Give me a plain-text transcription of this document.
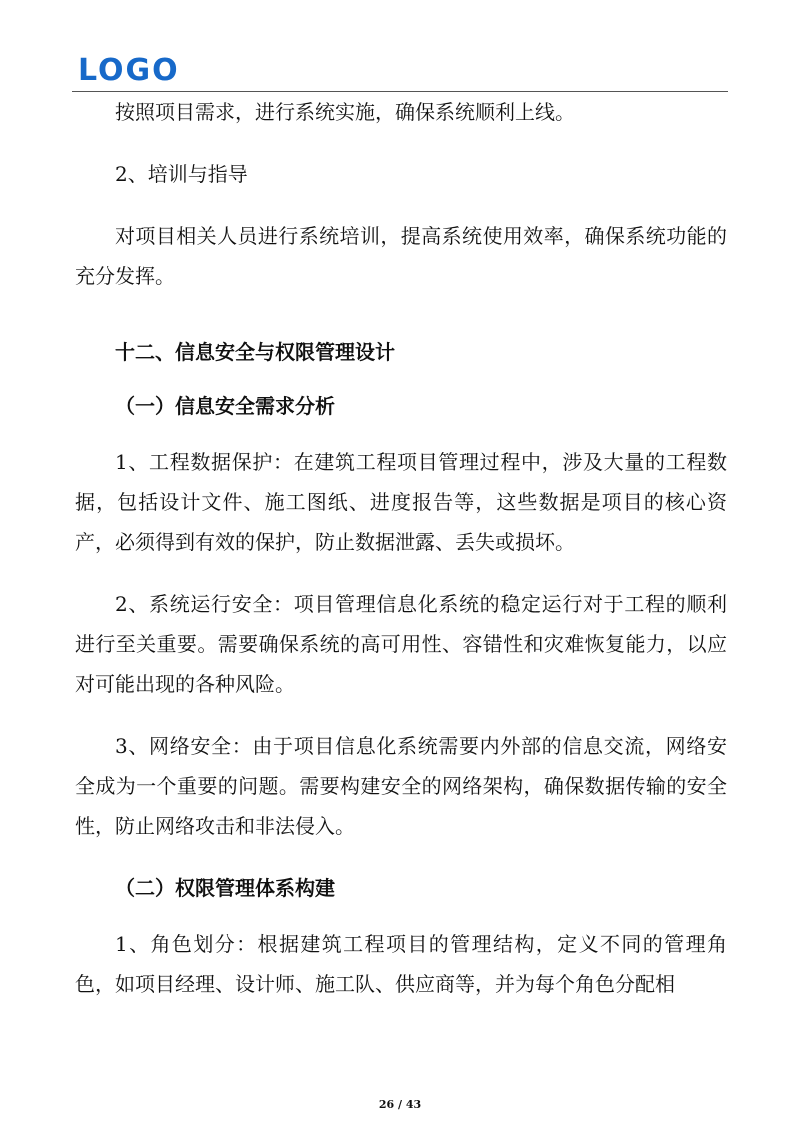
LOGO

按照项目需求，进行系统实施，确保系统顺利上线。

2、培训与指导

对项目相关人员进行系统培训，提高系统使用效率，确保系统功能的充分发挥。

十二、信息安全与权限管理设计

（一）信息安全需求分析

1、工程数据保护：在建筑工程项目管理过程中，涉及大量的工程数据，包括设计文件、施工图纸、进度报告等，这些数据是项目的核心资产，必须得到有效的保护，防止数据泄露、丢失或损坏。

2、系统运行安全：项目管理信息化系统的稳定运行对于工程的顺利进行至关重要。需要确保系统的高可用性、容错性和灾难恢复能力，以应对可能出现的各种风险。

3、网络安全：由于项目信息化系统需要内外部的信息交流，网络安全成为一个重要的问题。需要构建安全的网络架构，确保数据传输的安全性，防止网络攻击和非法侵入。

（二）权限管理体系构建

1、角色划分：根据建筑工程项目的管理结构，定义不同的管理角色，如项目经理、设计师、施工队、供应商等，并为每个角色分配相

26 / 43
